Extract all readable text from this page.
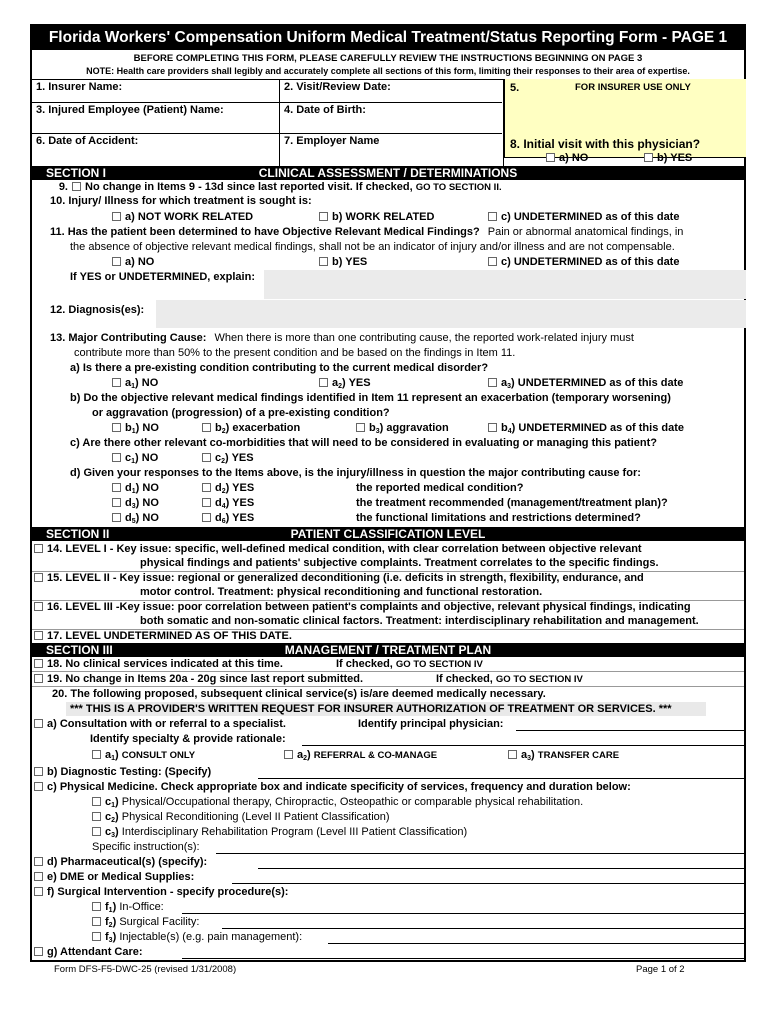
Florida Workers' Compensation Uniform Medical Treatment/Status Reporting Form - PAGE 1
BEFORE COMPLETING THIS FORM, PLEASE CAREFULLY REVIEW THE INSTRUCTIONS BEGINNING ON PAGE 3
NOTE: Health care providers shall legibly and accurately complete all sections of this form, limiting their responses to their area of expertise.
1. Insurer Name:	2. Visit/Review Date:	5.	FOR INSURER USE ONLY
3. Injured Employee (Patient) Name:	4. Date of Birth:
6. Date of Accident:	7. Employer Name	8. Initial visit with this physician?
a) NO	b) YES
SECTION I	CLINICAL ASSESSMENT / DETERMINATIONS
9. No change in Items 9 - 13d since last reported visit. If checked, GO TO SECTION II.
10. Injury/ Illness for which treatment is sought is:
a) NOT WORK RELATED	b) WORK RELATED	c) UNDETERMINED as of this date
11. Has the patient been determined to have Objective Relevant Medical Findings? Pain or abnormal anatomical findings, in
the absence of objective relevant medical findings, shall not be an indicator of injury and/or illness and are not compensable.
a) NO	b) YES	c) UNDETERMINED as of this date
If YES or UNDETERMINED, explain:
12. Diagnosis(es):
13. Major Contributing Cause: When there is more than one contributing cause, the reported work-related injury must
contribute more than 50% to the present condition and be based on the findings in Item 11.
a) Is there a pre-existing condition contributing to the current medical disorder?
$a_1$) NO	$a_2$) YES	$a_3$) UNDETERMINED as of this date
b) Do the objective relevant medical findings identified in Item 11 represent an exacerbation (temporary worsening)
or aggravation (progression) of a pre-existing condition?
$b_1$) NO	$b_2$) exacerbation	$b_3$) aggravation	$b_4$) UNDETERMINED as of this date
c) Are there other relevant co-morbidities that will need to be considered in evaluating or managing this patient?
$c_1$) NO	$c_2$) YES
d) Given your responses to the Items above, is the injury/illness in question the major contributing cause for:
$d_1$) NO	$d_2$) YES	the reported medical condition?
$d_3$) NO	$d_4$) YES	the treatment recommended (management/treatment plan)?
$d_5$) NO	$d_6$) YES	the functional limitations and restrictions determined?
SECTION II	PATIENT CLASSIFICATION LEVEL
14. LEVEL I - Key issue: specific, well-defined medical condition, with clear correlation between objective relevant
physical findings and patients' subjective complaints. Treatment correlates to the specific findings.
15. LEVEL II - Key issue: regional or generalized deconditioning (i.e. deficits in strength, flexibility, endurance, and
motor control. Treatment: physical reconditioning and functional restoration.
16. LEVEL III -Key issue: poor correlation between patient's complaints and objective, relevant physical findings, indicating
both somatic and non-somatic clinical factors. Treatment: interdisciplinary rehabilitation and management.
17. LEVEL UNDETERMINED AS OF THIS DATE.
SECTION III	MANAGEMENT / TREATMENT PLAN
18. No clinical services indicated at this time.	If checked, GO TO SECTION IV
19. No change in Items 20a - 20g since last report submitted.	If checked, GO TO SECTION IV
20. The following proposed, subsequent clinical service(s) is/are deemed medically necessary.
*** THIS IS A PROVIDER'S WRITTEN REQUEST FOR INSURER AUTHORIZATION OF TREATMENT OR SERVICES. ***
a) Consultation with or referral to a specialist.	Identify principal physician:
Identify specialty & provide rationale:
$a_1$) CONSULT ONLY	$a_2$) REFERRAL & CO-MANAGE	$a_3$) TRANSFER CARE
b) Diagnostic Testing: (Specify)
c) Physical Medicine. Check appropriate box and indicate specificity of services, frequency and duration below:
$c_1$) Physical/Occupational therapy, Chiropractic, Osteopathic or comparable physical rehabilitation.
$c_2$) Physical Reconditioning (Level II Patient Classification)
$c_3$) Interdisciplinary Rehabilitation Program (Level III Patient Classification)
Specific instruction(s):
d) Pharmaceutical(s) (specify):
e) DME or Medical Supplies:
f) Surgical Intervention - specify procedure(s):
$f_1$) In-Office:
$f_2$) Surgical Facility:
$f_3$) Injectable(s) (e.g. pain management):
g) Attendant Care:
Form DFS-F5-DWC-25 (revised 1/31/2008)	Page 1 of 2
